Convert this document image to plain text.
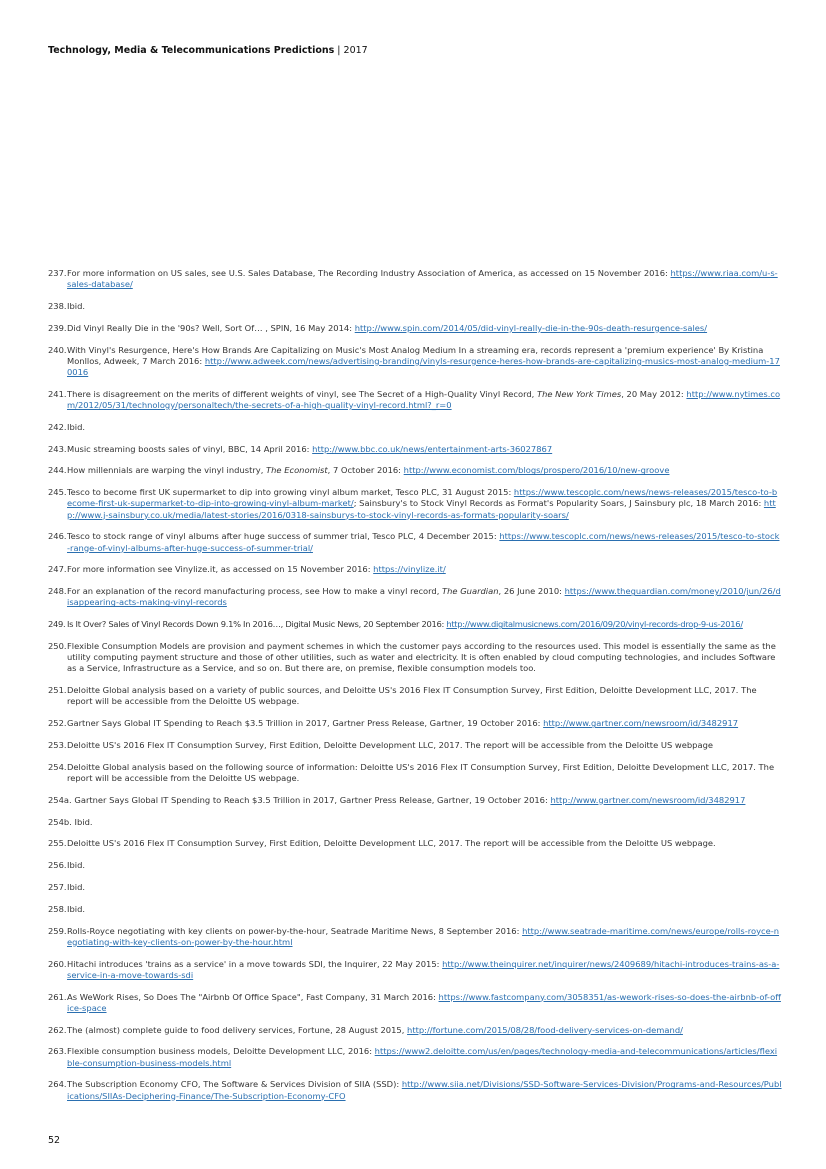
Technology, Media & Telecommunications Predictions | 2017
237. For more information on US sales, see U.S. Sales Database, The Recording Industry Association of America, as accessed on 15 November 2016: https://www.riaa.com/u-s-sales-database/
238. Ibid.
239. Did Vinyl Really Die in the '90s? Well, Sort Of… , SPIN, 16 May 2014: http://www.spin.com/2014/05/did-vinyl-really-die-in-the-90s-death-resurgence-sales/
240. With Vinyl's Resurgence, Here's How Brands Are Capitalizing on Music's Most Analog Medium In a streaming era, records represent a 'premium experience' By Kristina Monllos, Adweek, 7 March 2016: http://www.adweek.com/news/advertising-branding/vinyls-resurgence-heres-how-brands-are-capitalizing-musics-most-analog-medium-170016
241. There is disagreement on the merits of different weights of vinyl, see The Secret of a High-Quality Vinyl Record, The New York Times, 20 May 2012: http://www.nytimes.com/2012/05/31/technology/personaltech/the-secrets-of-a-high-quality-vinyl-record.html?_r=0
242. Ibid.
243. Music streaming boosts sales of vinyl, BBC, 14 April 2016: http://www.bbc.co.uk/news/entertainment-arts-36027867
244. How millennials are warping the vinyl industry, The Economist, 7 October 2016: http://www.economist.com/blogs/prospero/2016/10/new-groove
245. Tesco to become first UK supermarket to dip into growing vinyl album market, Tesco PLC, 31 August 2015: https://www.tescoplc.com/news/news-releases/2015/tesco-to-become-first-uk-supermarket-to-dip-into-growing-vinyl-album-market/; Sainsbury's to Stock Vinyl Records as Format's Popularity Soars, J Sainsbury plc, 18 March 2016: http://www.j-sainsbury.co.uk/media/latest-stories/2016/0318-sainsburys-to-stock-vinyl-records-as-formats-popularity-soars/
246. Tesco to stock range of vinyl albums after huge success of summer trial, Tesco PLC, 4 December 2015: https://www.tescoplc.com/news/news-releases/2015/tesco-to-stock-range-of-vinyl-albums-after-huge-success-of-summer-trial/
247. For more information see Vinylize.it, as accessed on 15 November 2016: https://vinylize.it/
248. For an explanation of the record manufacturing process, see How to make a vinyl record, The Guardian, 26 June 2010: https://www.theguardian.com/money/2010/jun/26/disappearing-acts-making-vinyl-records
249. Is It Over? Sales of Vinyl Records Down 9.1% In 2016…, Digital Music News, 20 September 2016: http://www.digitalmusicnews.com/2016/09/20/vinyl-records-drop-9-us-2016/
250. Flexible Consumption Models are provision and payment schemes in which the customer pays according to the resources used. This model is essentially the same as the utility computing payment structure and those of other utilities, such as water and electricity. It is often enabled by cloud computing technologies, and includes Software as a Service, Infrastructure as a Service, and so on. But there are, on premise, flexible consumption models too.
251. Deloitte Global analysis based on a variety of public sources, and Deloitte US's 2016 Flex IT Consumption Survey, First Edition, Deloitte Development LLC, 2017. The report will be accessible from the Deloitte US webpage.
252. Gartner Says Global IT Spending to Reach $3.5 Trillion in 2017, Gartner Press Release, Gartner, 19 October 2016: http://www.gartner.com/newsroom/id/3482917
253. Deloitte US's 2016 Flex IT Consumption Survey, First Edition, Deloitte Development LLC, 2017. The report will be accessible from the Deloitte US webpage
254. Deloitte Global analysis based on the following source of information: Deloitte US's 2016 Flex IT Consumption Survey, First Edition, Deloitte Development LLC, 2017. The report will be accessible from the Deloitte US webpage.
254a. Gartner Says Global IT Spending to Reach $3.5 Trillion in 2017, Gartner Press Release, Gartner, 19 October 2016: http://www.gartner.com/newsroom/id/3482917
254b. Ibid.
255. Deloitte US's 2016 Flex IT Consumption Survey, First Edition, Deloitte Development LLC, 2017. The report will be accessible from the Deloitte US webpage.
256. Ibid.
257. Ibid.
258. Ibid.
259. Rolls-Royce negotiating with key clients on power-by-the-hour, Seatrade Maritime News, 8 September 2016: http://www.seatrade-maritime.com/news/europe/rolls-royce-negotiating-with-key-clients-on-power-by-the-hour.html
260. Hitachi introduces 'trains as a service' in a move towards SDI, the Inquirer, 22 May 2015: http://www.theinquirer.net/inquirer/news/2409689/hitachi-introduces-trains-as-a-service-in-a-move-towards-sdi
261. As WeWork Rises, So Does The "Airbnb Of Office Space", Fast Company, 31 March 2016: https://www.fastcompany.com/3058351/as-wework-rises-so-does-the-airbnb-of-office-space
262. The (almost) complete guide to food delivery services, Fortune, 28 August 2015, http://fortune.com/2015/08/28/food-delivery-services-on-demand/
263. Flexible consumption business models, Deloitte Development LLC, 2016: https://www2.deloitte.com/us/en/pages/technology-media-and-telecommunications/articles/flexible-consumption-business-models.html
264. The Subscription Economy CFO, The Software & Services Division of SIIA (SSD): http://www.siia.net/Divisions/SSD-Software-Services-Division/Programs-and-Resources/Publications/SIIAs-Deciphering-Finance/The-Subscription-Economy-CFO
52
